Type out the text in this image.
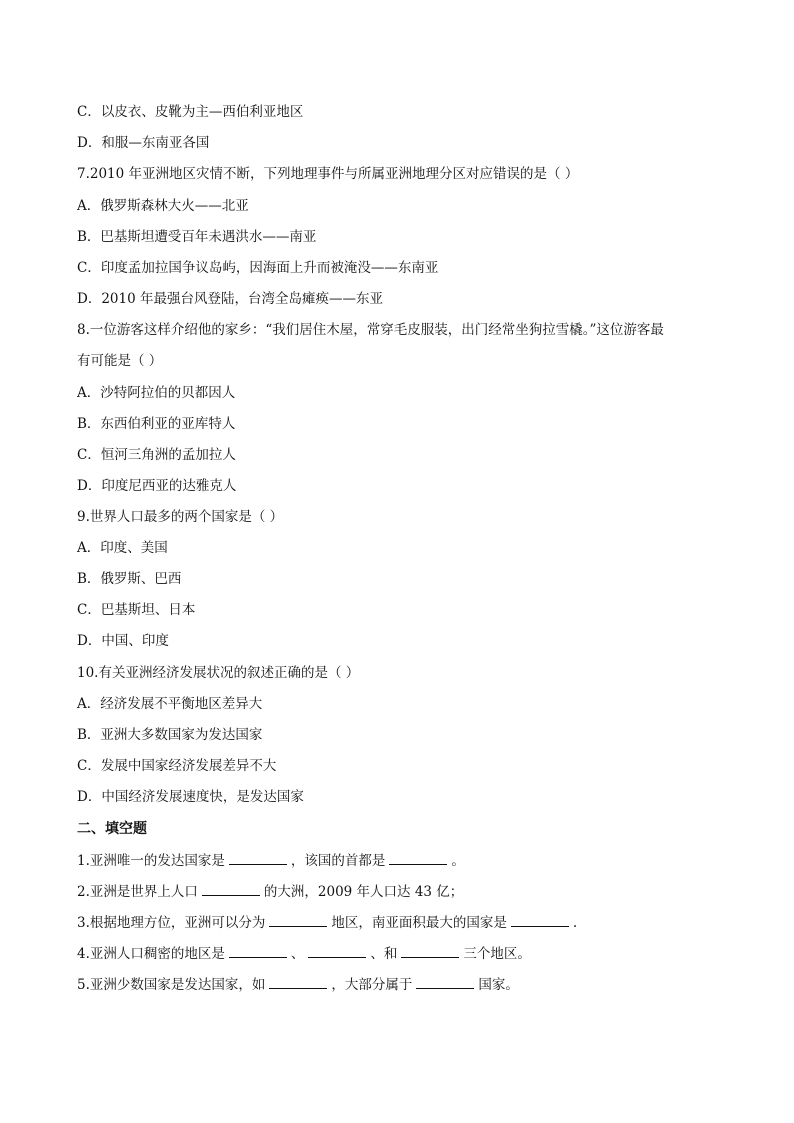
C．以皮衣、皮靴为主—西伯利亚地区
D．和服—东南亚各国
7.2010 年亚洲地区灾情不断，下列地理事件与所属亚洲地理分区对应错误的是（ ）
A．俄罗斯森林大火——北亚
B．巴基斯坦遭受百年未遇洪水——南亚
C．印度孟加拉国争议岛屿，因海面上升而被淹没——东南亚
D．2010 年最强台风登陆，台湾全岛瘫痪——东亚
8.一位游客这样介绍他的家乡：“我们居住木屋，常穿毛皮服装，出门经常坐狗拉雪橇。”这位游客最
有可能是（ ）
A．沙特阿拉伯的贝都因人
B．东西伯利亚的亚库特人
C．恒河三角洲的孟加拉人
D．印度尼西亚的达雅克人
9.世界人口最多的两个国家是（ ）
A．印度、美国
B．俄罗斯、巴西
C．巴基斯坦、日本
D．中国、印度
10.有关亚洲经济发展状况的叙述正确的是（ ）
A．经济发展不平衡地区差异大
B．亚洲大多数国家为发达国家
C．发展中国家经济发展差异不大
D．中国经济发展速度快，是发达国家
二、填空题
1.亚洲唯一的发达国家是	，该国的首都是	。
2.亚洲是世界上人口	的大洲，2009 年人口达 43 亿；
3.根据地理方位，亚洲可以分为	地区，南亚面积最大的国家是	.
4.亚洲人口稠密的地区是	、	、和	三个地区。
5.亚洲少数国家是发达国家，如	，大部分属于	国家。
